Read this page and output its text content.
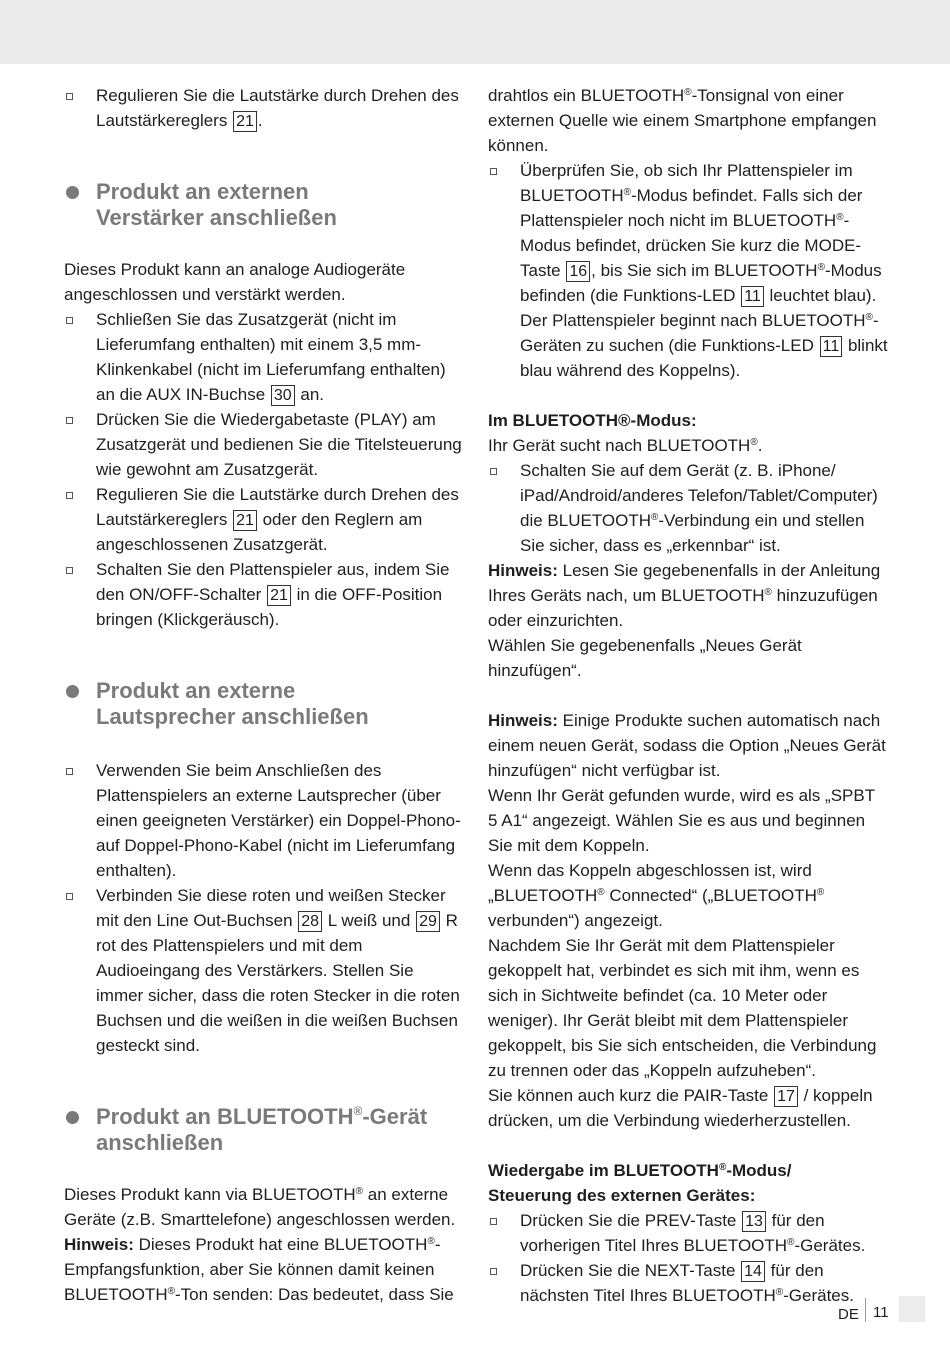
Regulieren Sie die Lautstärke durch Drehen des Lautstärkereglers 21 .
Produkt an externen
Verstärker anschließen

Dieses Produkt kann an analoge Audiogeräte angeschlossen und verstärkt werden.

Schließen Sie das Zusatzgerät (nicht im Lieferumfang enthalten) mit einem 3,5 mm-Klinkenkabel (nicht im Lieferumfang enthalten) an die AUX IN-Buchse 30 an.
Drücken Sie die Wiedergabetaste (PLAY) am Zusatzgerät und bedienen Sie die Titelsteuerung wie gewohnt am Zusatzgerät.
Regulieren Sie die Lautstärke durch Drehen des Lautstärkereglers 21 oder den Reglern am angeschlossenen Zusatzgerät.
Schalten Sie den Plattenspieler aus, indem Sie den ON/OFF-Schalter 21 in die OFF-Position bringen (Klickgeräusch).
Produkt an externe
Lautsprecher anschließen
Verwenden Sie beim Anschließen des Plattenspielers an externe Lautsprecher (über einen geeigneten Verstärker) ein Doppel-Phono- auf Doppel-Phono-Kabel (nicht im Lieferumfang enthalten).
Verbinden Sie diese roten und weißen Stecker mit den Line Out-Buchsen 28 L weiß und 29 R rot des Plattenspielers und mit dem Audioeingang des Verstärkers. Stellen Sie immer sicher, dass die roten Stecker in die roten Buchsen und die weißen in die weißen Buchsen gesteckt sind.
Produkt an BLUETOOTH®-Gerät
anschließen

Dieses Produkt kann via BLUETOOTH® an externe Geräte (z.B. Smarttelefone) angeschlossen werden.

Hinweis: Dieses Produkt hat eine BLUETOOTH®-Empfangsfunktion, aber Sie können damit keinen BLUETOOTH®-Ton senden: Das bedeutet, dass Sie

drahtlos ein BLUETOOTH®-Tonsignal von einer externen Quelle wie einem Smartphone empfangen können.

Überprüfen Sie, ob sich Ihr Plattenspieler im BLUETOOTH®-Modus befindet. Falls sich der Plattenspieler noch nicht im BLUETOOTH®-Modus befindet, drücken Sie kurz die MODE-Taste 16 , bis Sie sich im BLUETOOTH®-Modus befinden (die Funktions-LED 11 leuchtet blau). Der Plattenspieler beginnt nach BLUETOOTH®-Geräten zu suchen (die Funktions-LED 11 blinkt blau während des Koppelns).

Im BLUETOOTH®-Modus:

Ihr Gerät sucht nach BLUETOOTH®.

Schalten Sie auf dem Gerät (z. B. iPhone/ iPad/Android/anderes Telefon/Tablet/Computer) die BLUETOOTH®-Verbindung ein und stellen Sie sicher, dass es „erkennbar“ ist.

Hinweis: Lesen Sie gegebenenfalls in der Anleitung Ihres Geräts nach, um BLUETOOTH® hinzuzufügen oder einzurichten.

Wählen Sie gegebenenfalls „Neues Gerät hinzufügen“.

Hinweis: Einige Produkte suchen automatisch nach einem neuen Gerät, sodass die Option „Neues Gerät hinzufügen“ nicht verfügbar ist.

Wenn Ihr Gerät gefunden wurde, wird es als „SPBT 5 A1“ angezeigt. Wählen Sie es aus und beginnen Sie mit dem Koppeln.

Wenn das Koppeln abgeschlossen ist, wird „BLUETOOTH® Connected“ („BLUETOOTH® verbunden“) angezeigt.

Nachdem Sie Ihr Gerät mit dem Plattenspieler gekoppelt hat, verbindet es sich mit ihm, wenn es sich in Sichtweite befindet (ca. 10 Meter oder weniger). Ihr Gerät bleibt mit dem Plattenspieler gekoppelt, bis Sie sich entscheiden, die Verbindung zu trennen oder das „Koppeln aufzuheben“.

Sie können auch kurz die PAIR-Taste 17 / koppeln drücken, um die Verbindung wiederherzustellen.

Wiedergabe im BLUETOOTH®-Modus/
Steuerung des externen Gerätes:

Drücken Sie die PREV-Taste 13 für den vorherigen Titel Ihres BLUETOOTH®-Gerätes.
Drücken Sie die NEXT-Taste 14 für den nächsten Titel Ihres BLUETOOTH®-Gerätes.
DE 11
